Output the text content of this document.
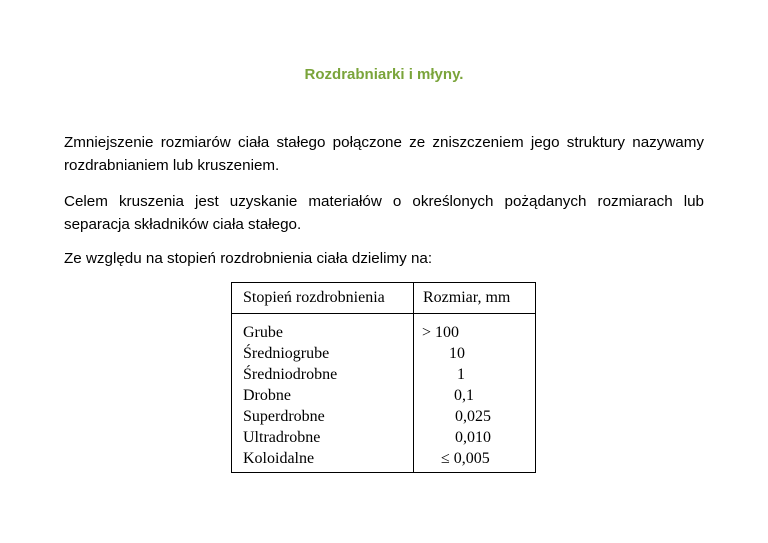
Rozdrabniarki i młyny.

Zmniejszenie rozmiarów ciała stałego połączone ze zniszczeniem jego struktury nazywamy rozdrabnianiem lub kruszeniem.

Celem kruszenia jest uzyskanie materiałów o określonych pożądanych rozmiarach lub separacja składników ciała stałego.

Ze względu na stopień rozdrobnienia ciała dzielimy na:

Stopień rozdrobnienia Rozmiar, mm
Grube
Średniogrube
Średniodrobne
Drobne
Superdrobne
Ultradrobne
Koloidalne
> 100
10
1
0,1
0,025
0,010
≤ 0,005
